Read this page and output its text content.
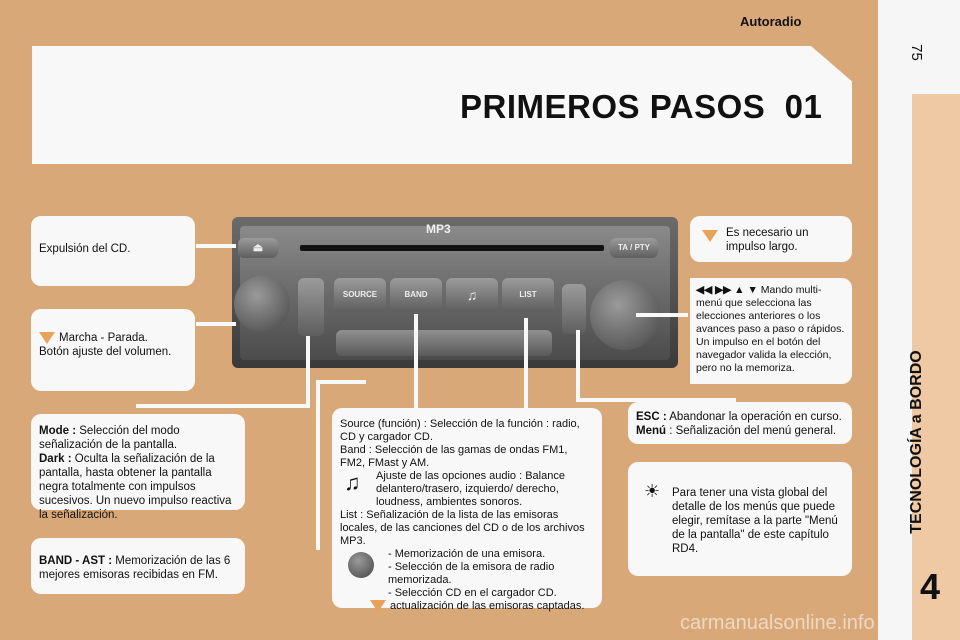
Autoradio
75
TECNOLOGÍA a BORDO
4
PRIMEROS PASOS  01
MP3
⏏	TA / PTY
SOURCE	BAND	♫	LIST
Expulsión del CD.
Marcha - Parada.
Botón ajuste del volumen.
Mode : Selección del modo señalización de la pantalla.
Dark : Oculta la señalización de la pantalla, hasta obtener la pantalla negra totalmente con impulsos sucesivos. Un nuevo impulso reactiva la señalización.
BAND - AST : Memorización de las 6 mejores emisoras recibidas en FM.
Source (función) : Selección de la función : radio, CD y cargador CD.
Band : Selección de las gamas de ondas FM1, FM2, FMast y AM.
♫ Ajuste de las opciones audio : Balance delantero/trasero, izquierdo/ derecho, loudness, ambientes sonoros.
List : Señalización de la lista de las emisoras locales, de las canciones del CD o de los archivos MP3.
- Memorización de una emisora.
- Selección de la emisora de radio memorizada.
- Selección CD en el cargador CD.
actualización de las emisoras captadas.
Es necesario un impulso largo.
◀◀ ▶▶ ▲ ▼ Mando multi-menú que selecciona las elecciones anteriores o los avances paso a paso o rápidos. Un impulso en el botón del navegador valida la elección, pero no la memoriza.
ESC : Abandonar la operación en curso.
Menú : Señalización del menú general.
☀ Para tener una vista global del detalle de los menús que puede elegir, remítase a la parte "Menú de la pantalla" de este capítulo RD4.
carmanualsonline.info
